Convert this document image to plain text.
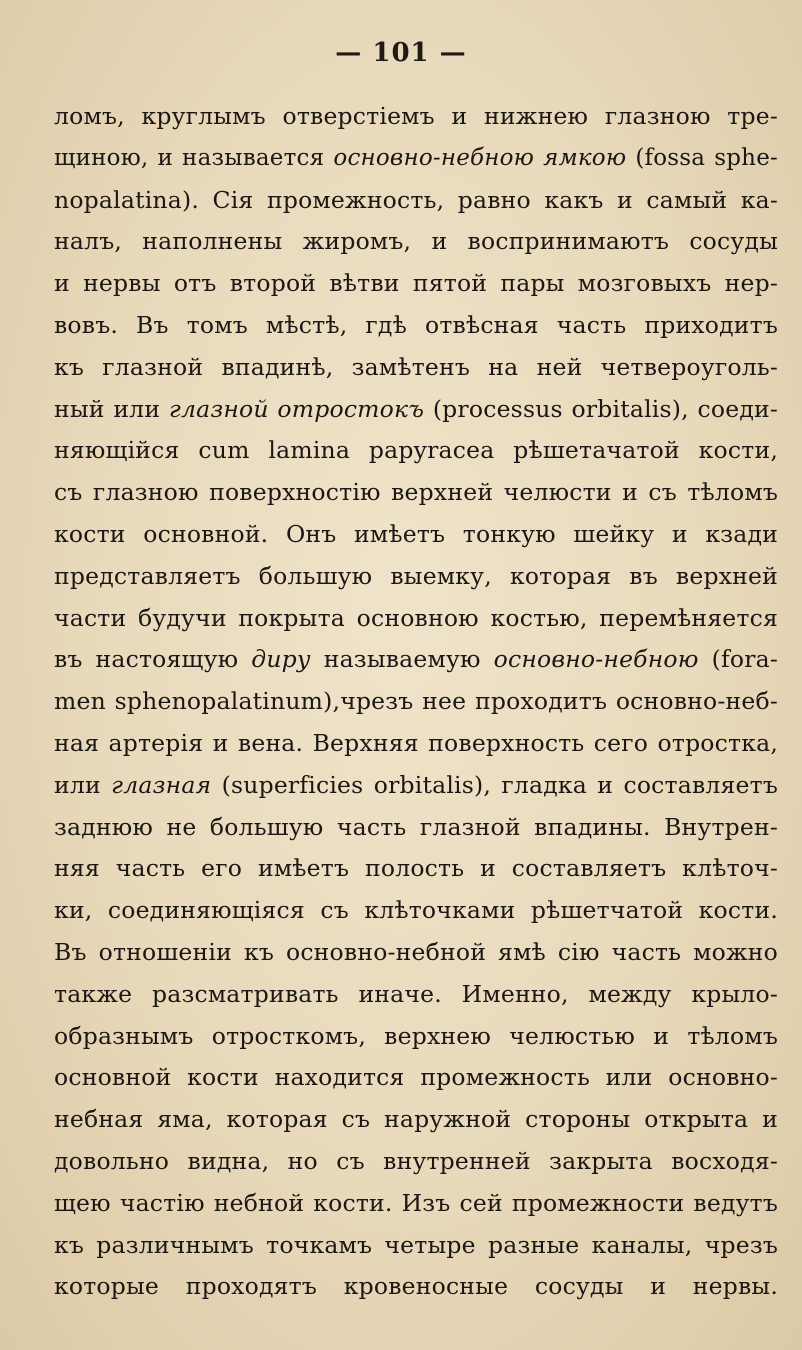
— 101 —
ломъ, круглымъ отверстіемъ и нижнею глазною тре-
щиною, и называется основно-небною ямкою (fossa sphe-
nopalatina). Сія промежность, равно какъ и самый ка-
налъ, наполнены жиромъ, и воспринимаютъ сосуды
и нервы отъ второй вѣтви пятой пары мозговыхъ нер-
вовъ. Въ томъ мѣстѣ, гдѣ отвѣсная часть приходитъ
къ глазной впадинѣ, замѣтенъ на ней четвероуголь-
ный или глазной отростокъ (processus orbitalis), соеди-
няющійся cum lamina papyracea рѣшетачатой кости,
съ глазною поверхностію верхней челюсти и съ тѣломъ
кости основной. Онъ имѣетъ тонкую шейку и кзади
представляетъ большую выемку, которая въ верхней
части будучи покрыта основною костью, перемѣняется
въ настоящую диру называемую основно-небною (fora-
men sphenopalatinum),чрезъ нее проходитъ основно-неб-
ная артерія и вена. Верхняя поверхность сего отростка,
или глазная (superficies orbitalis), гладка и составляетъ
заднюю не большую часть глазной впадины. Внутрен-
няя часть его имѣетъ полость и составляетъ клѣточ-
ки, соединяющіяся съ клѣточками рѣшетчатой кости.
Въ отношеніи къ основно-небной ямѣ сію часть можно
также разсматривать иначе. Именно, между крыло-
образнымъ отросткомъ, верхнею челюстью и тѣломъ
основной кости находится промежность или основно-
небная яма, которая съ наружной стороны открыта и
довольно видна, но съ внутренней закрыта восходя-
щею частію небной кости. Изъ сей промежности ведутъ
къ различнымъ точкамъ четыре разные каналы, чрезъ
которые проходятъ кровеносные сосуды и нервы.
